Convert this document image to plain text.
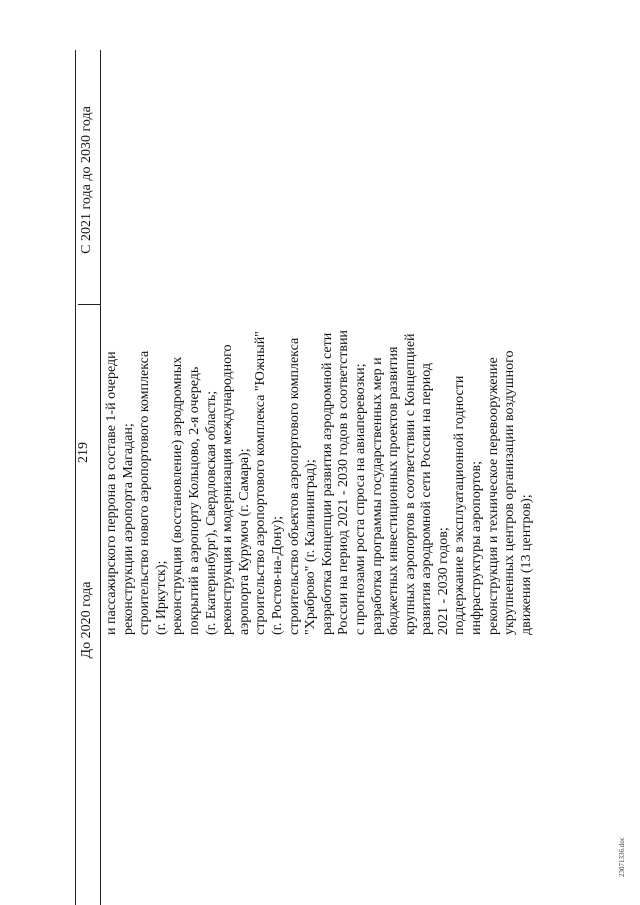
219
До 2020 года
С 2021 года до 2030 года
и пассажирского перрона в составе 1-й очереди реконструкции аэропорта Магадан; строительство нового аэропортового комплекса (г. Иркутск); реконструкция (восстановление) аэродромных покрытий в аэропорту Кольцово, 2-я очередь (г. Екатеринбург), Свердловская область; реконструкция и модернизация международного аэропорта Курумоч (г. Самара); строительство аэропортового комплекса "Южный" (г. Ростов-на-Дону); строительство объектов аэропортового комплекса "Храброво" (г. Калининград); разработка Концепции развития аэродромной сети России на период 2021 - 2030 годов в соответствии с прогнозами роста спроса на авиаперевозки; разработка программы государственных мер и бюджетных инвестиционных проектов развития крупных аэропортов в соответствии с Концепцией развития аэродромной сети России на период 2021 - 2030 годов; поддержание в эксплуатационной годности инфраструктуры аэропортов; реконструкция и техническое перевооружение укрупненных центров организации воздушного движения (13 центров);
23071336.doc
